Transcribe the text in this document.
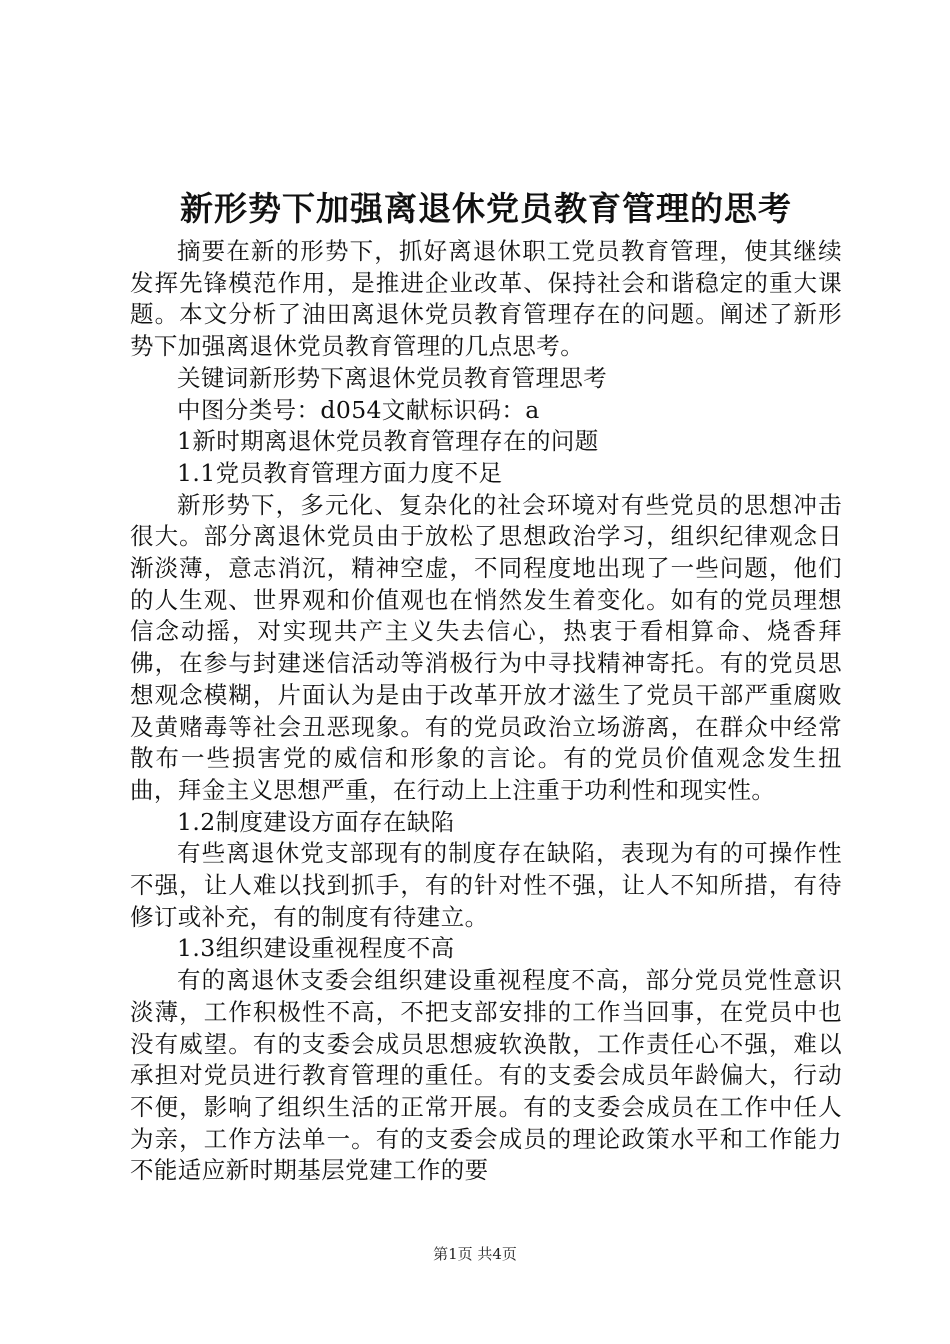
新形势下加强离退休党员教育管理的思考

摘要在新的形势下，抓好离退休职工党员教育管理，使其继续发挥先锋模范作用，是推进企业改革、保持社会和谐稳定的重大课题。本文分析了油田离退休党员教育管理存在的问题。阐述了新形势下加强离退休党员教育管理的几点思考。

关键词新形势下离退休党员教育管理思考

中图分类号：d054文献标识码：a

1新时期离退休党员教育管理存在的问题

1.1党员教育管理方面力度不足

新形势下，多元化、复杂化的社会环境对有些党员的思想冲击很大。部分离退休党员由于放松了思想政治学习，组织纪律观念日渐淡薄，意志消沉，精神空虚，不同程度地出现了一些问题，他们的人生观、世界观和价值观也在悄然发生着变化。如有的党员理想信念动摇，对实现共产主义失去信心，热衷于看相算命、烧香拜佛，在参与封建迷信活动等消极行为中寻找精神寄托。有的党员思想观念模糊，片面认为是由于改革开放才滋生了党员干部严重腐败及黄赌毒等社会丑恶现象。有的党员政治立场游离，在群众中经常散布一些损害党的威信和形象的言论。有的党员价值观念发生扭曲，拜金主义思想严重，在行动上上注重于功利性和现实性。

1.2制度建设方面存在缺陷

有些离退休党支部现有的制度存在缺陷，表现为有的可操作性不强，让人难以找到抓手，有的针对性不强，让人不知所措，有待修订或补充，有的制度有待建立。

1.3组织建设重视程度不高

有的离退休支委会组织建设重视程度不高，部分党员党性意识淡薄，工作积极性不高，不把支部安排的工作当回事，在党员中也没有威望。有的支委会成员思想疲软涣散，工作责任心不强，难以承担对党员进行教育管理的重任。有的支委会成员年龄偏大，行动不便，影响了组织生活的正常开展。有的支委会成员在工作中任人为亲，工作方法单一。有的支委会成员的理论政策水平和工作能力不能适应新时期基层党建工作的要

第1页 共4页
